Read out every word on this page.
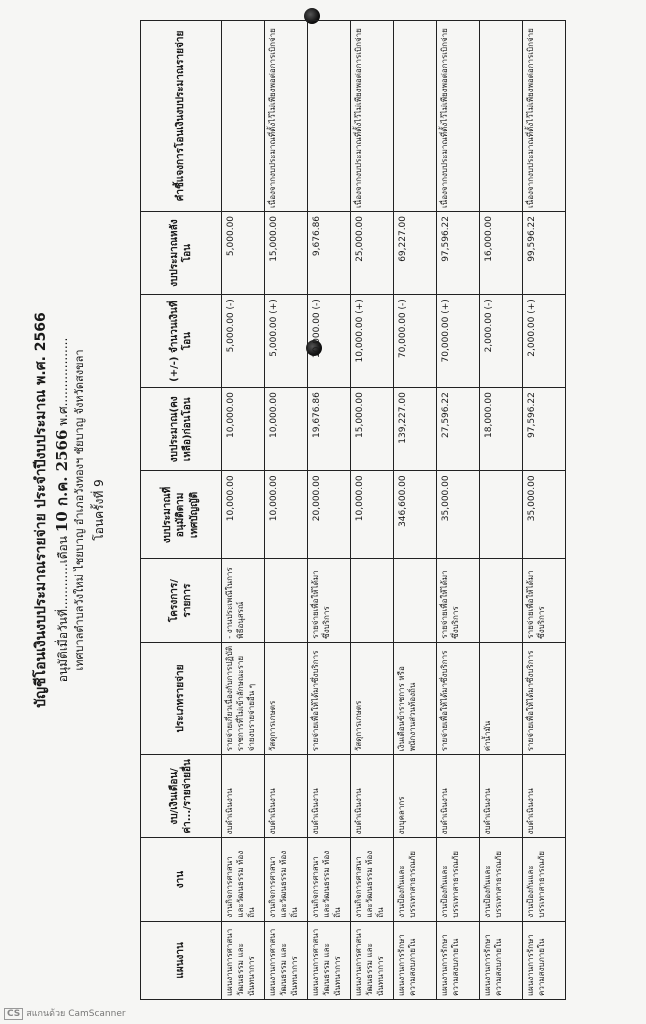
บัญชีโอนเงินงบประมาณรายจ่าย ประจำปีงบประมาณ พ.ศ. 2566 อนุมัติเมื่อวันที่............เดือน 10 ก.ค. 2566 พ.ศ.................. เทศบาลตำบลวังใหม่ ไชยบาญ อำเภอวังทองฯ ชัยบาญ จังหวัดสงขลา โอนครั้งที่ 9
แผนงาน	งาน	งบ/เงินเดือน/ค่า.../รายจ่ายอื่น	ประเภทรายจ่าย	โครงการ/รายการ	งบประมาณที่อนุมัติตามเทศบัญญัติ	งบประมาณ(คงเหลือ)ก่อนโอน	(+/-) จำนวนเงินที่โอน	งบประมาณหลังโอน	คำชี้แจงการโอนเงินงบประมาณรายจ่าย
แผนงานการศาสนา วัฒนธรรม และนันทนาการ	งานกิจการศาสนา และวัฒนธรรม ท้องถิ่น	งบดำเนินงาน	รายจ่ายเกี่ยวเนื่องกับการปฏิบัติราชการที่ไม่เข้าลักษณะรายจ่ายงบรายจ่ายอื่น ๆ	- งานประเพณีในการพิธีอนุสรณ์	10,000.00	10,000.00	5,000.00 (-)	5,000.00	
แผนงานการศาสนา วัฒนธรรม และนันทนาการ	งานกิจการศาสนา และวัฒนธรรม ท้องถิ่น	งบดำเนินงาน	วัสดุการเกษตร		10,000.00	10,000.00	5,000.00 (+)	15,000.00	เนื่องจากงบประมาณที่ตั้งไว้ไม่เพียงพอต่อการเบิกจ่าย
แผนงานการศาสนา วัฒนธรรม และนันทนาการ	งานกิจการศาสนา และวัฒนธรรม ท้องถิ่น	งบดำเนินงาน	รายจ่ายเพื่อให้ได้มาซึ่งบริการ	รายจ่ายเพื่อให้ได้มาซึ่งบริการ	20,000.00	19,676.86	10,000.00 (-)	9,676.86	
แผนงานการศาสนา วัฒนธรรม และนันทนาการ	งานกิจการศาสนา และวัฒนธรรม ท้องถิ่น	งบดำเนินงาน	วัสดุการเกษตร		10,000.00	15,000.00	10,000.00 (+)	25,000.00	เนื่องจากงบประมาณที่ตั้งไว้ไม่เพียงพอต่อการเบิกจ่าย
แผนงานการรักษาความสงบภายใน	งานป้องกันและบรรเทาสาธารณภัย	งบบุคลากร	เงินเดือนข้าราชการ หรือพนักงานส่วนท้องถิ่น		346,600.00	139,227.00	70,000.00 (-)	69,227.00	
แผนงานการรักษาความสงบภายใน	งานป้องกันและบรรเทาสาธารณภัย	งบดำเนินงาน	รายจ่ายเพื่อให้ได้มาซึ่งบริการ	รายจ่ายเพื่อให้ได้มาซึ่งบริการ	35,000.00	27,596.22	70,000.00 (+)	97,596.22	เนื่องจากงบประมาณที่ตั้งไว้ไม่เพียงพอต่อการเบิกจ่าย
แผนงานการรักษาความสงบภายใน	งานป้องกันและบรรเทาสาธารณภัย	งบดำเนินงาน	ค่าน้ำมัน			18,000.00	2,000.00 (-)	16,000.00	
แผนงานการรักษาความสงบภายใน	งานป้องกันและบรรเทาสาธารณภัย	งบดำเนินงาน	รายจ่ายเพื่อให้ได้มาซึ่งบริการ	รายจ่ายเพื่อให้ได้มาซึ่งบริการ	35,000.00	97,596.22	2,000.00 (+)	99,596.22	เนื่องจากงบประมาณที่ตั้งไว้ไม่เพียงพอต่อการเบิกจ่าย
CS สแกนด้วย CamScanner
